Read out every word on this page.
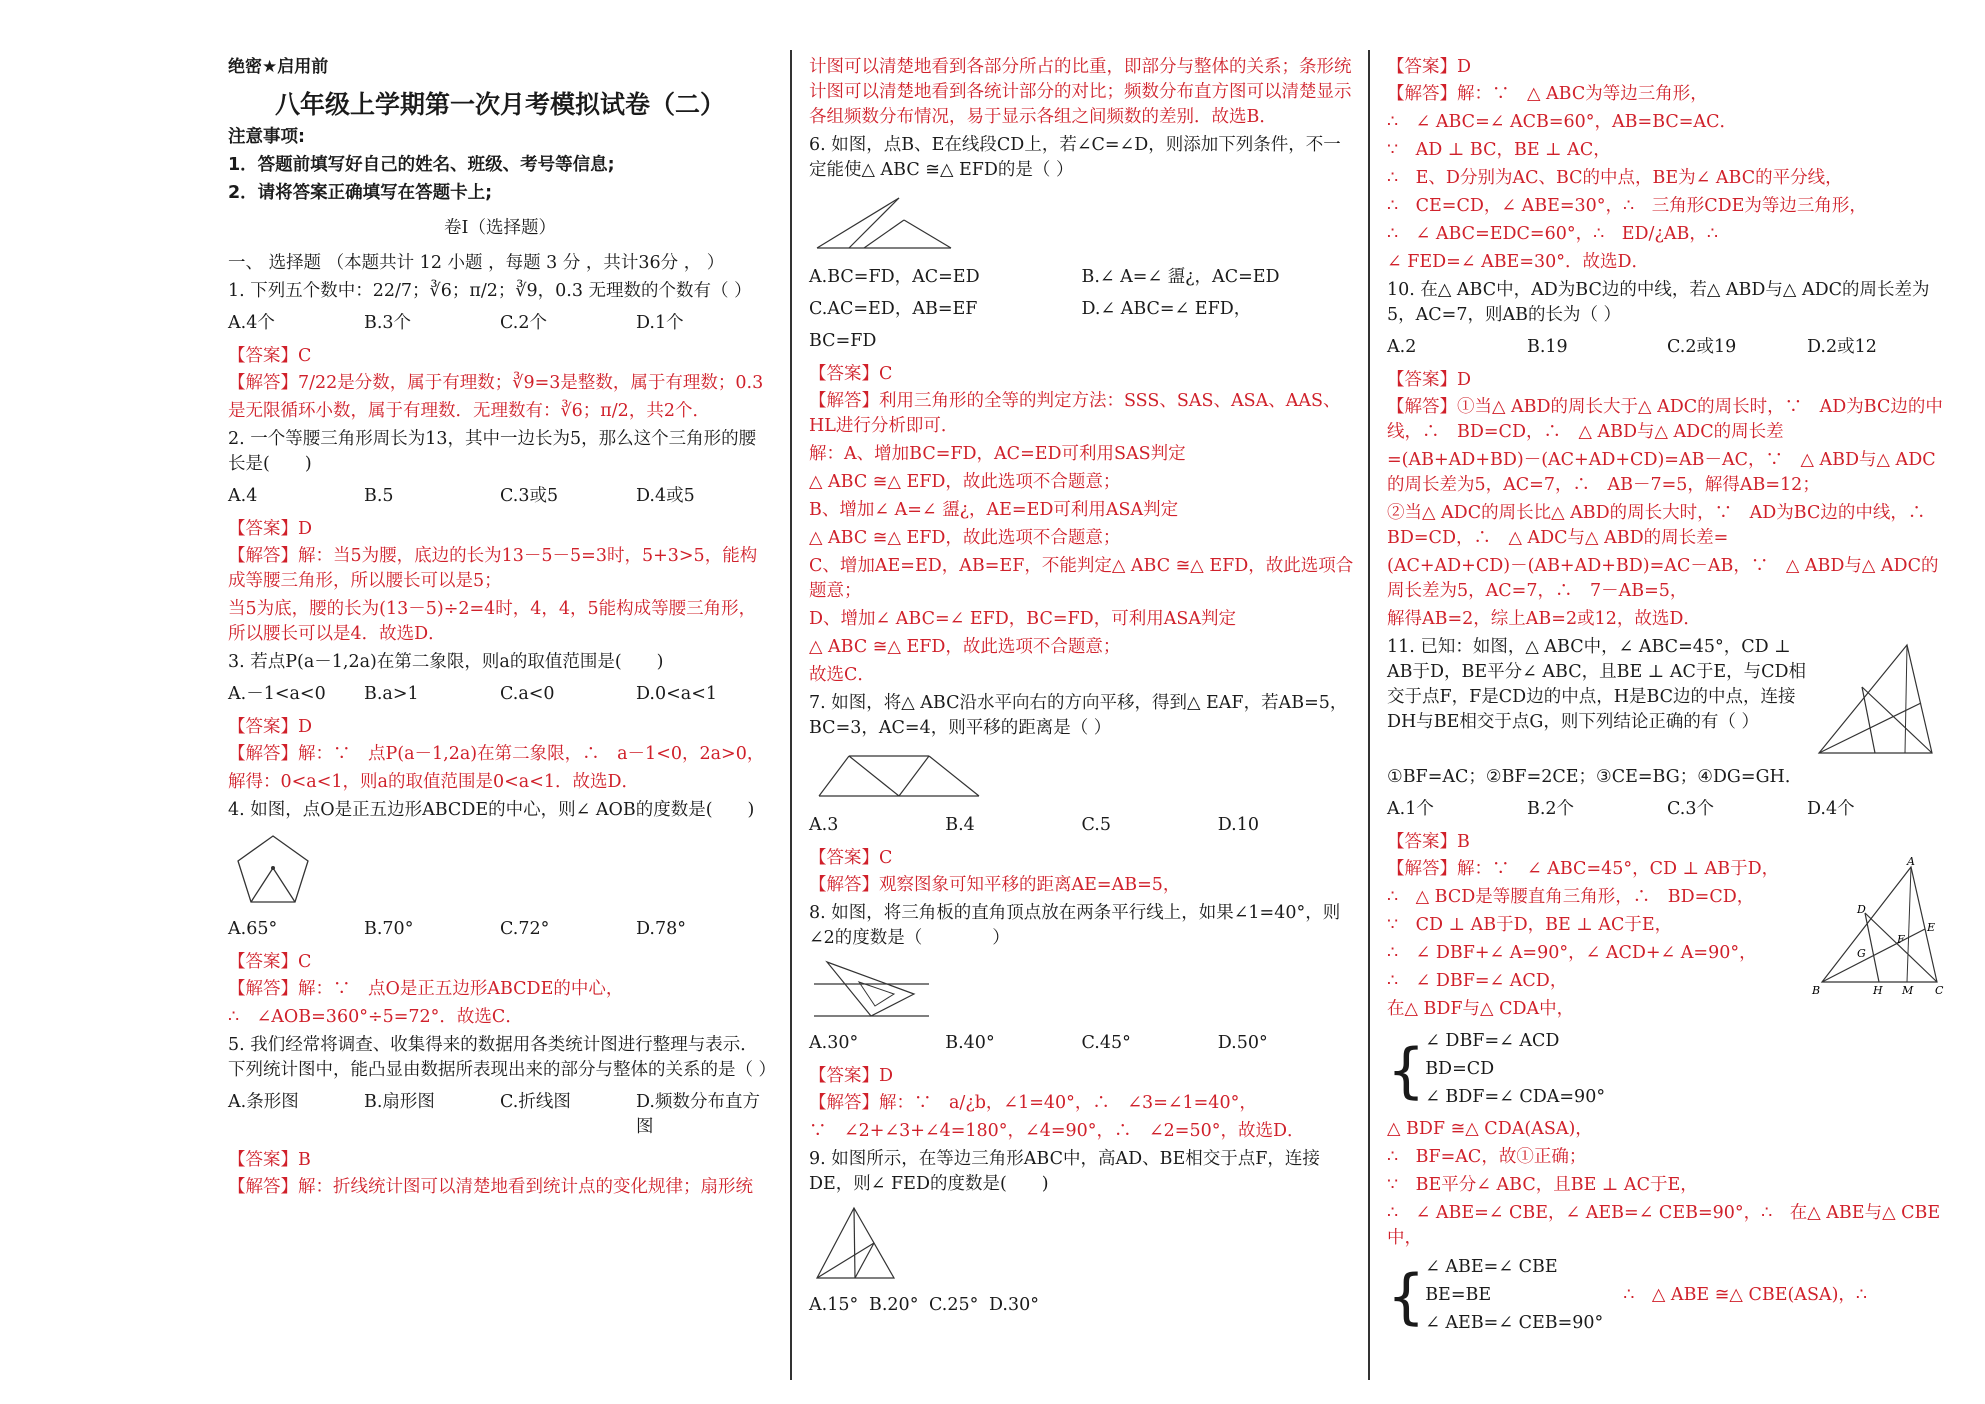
绝密★启用前

八年级上学期第一次月考模拟试卷（二）

注意事项:

1．答题前填写好自己的姓名、班级、考号等信息;

2．请将答案正确填写在答题卡上;

卷I（选择题）

一、 选择题 （本题共计 12 小题 ，每题 3 分 ，共计36分 ， ）

1. 下列五个数中：22/7；∛6；π/2；∛9，0.3 无理数的个数有（ ）

A.4个	B.3个	C.2个	D.1个

【答案】C

【解答】7/22是分数，属于有理数；∛9=3是整数，属于有理数；0.3

是无限循环小数，属于有理数．无理数有：∛6；π/2，共2个．

2. 一个等腰三角形周长为13，其中一边长为5，那么这个三角形的腰长是(　　)

A.4	B.5	C.3或5	D.4或5

【答案】D

【解答】解：当5为腰，底边的长为13－5－5=3时，5+3>5，能构成等腰三角形，所以腰长可以是5；

当5为底，腰的长为(13－5)÷2=4时，4，4，5能构成等腰三角形，所以腰长可以是4．故选D．

3. 若点P(a－1,2a)在第二象限，则a的取值范围是(　　)

A.－1<a<0	B.a>1	C.a<0	D.0<a<1

【答案】D

【解答】解：∵　点P(a－1,2a)在第二象限，∴　a－1<0，2a>0，

解得：0<a<1，则a的取值范围是0<a<1．故选D．

4. 如图，点O是正五边形ABCDE的中心，则∠ AOB的度数是(　　)

A.65°	B.70°	C.72°	D.78°

【答案】C

【解答】解：∵　点O是正五边形ABCDE的中心，

∴　∠AOB=360°÷5=72°．故选C．

5. 我们经常将调查、收集得来的数据用各类统计图进行整理与表示．下列统计图中，能凸显由数据所表现出来的部分与整体的关系的是（ ）

A.条形图	B.扇形图	C.折线图	D.频数分布直方图

【答案】B

【解答】解：折线统计图可以清楚地看到统计点的变化规律；扇形统

计图可以清楚地看到各部分所占的比重，即部分与整体的关系；条形统计图可以清楚地看到各统计部分的对比；频数分布直方图可以清楚显示各组频数分布情况，易于显示各组之间频数的差别．故选B．

6. 如图，点B、E在线段CD上，若∠C=∠D，则添加下列条件，不一定能使△ ABC ≅△ EFD的是（ ）

A.BC=FD，AC=ED	B.∠ A=∠ 盨¿，AC=ED
C.AC=ED，AB=EF	D.∠ ABC=∠ EFD，

BC=FD

【答案】C

【解答】利用三角形的全等的判定方法：SSS、SAS、ASA、AAS、HL进行分析即可．

解：A、增加BC=FD，AC=ED可利用SAS判定

△ ABC ≅△ EFD，故此选项不合题意；

B、增加∠ A=∠ 盨¿，AE=ED可利用ASA判定

△ ABC ≅△ EFD，故此选项不合题意；

C、增加AE=ED，AB=EF，不能判定△ ABC ≅△ EFD，故此选项合题意；

D、增加∠ ABC=∠ EFD，BC=FD，可利用ASA判定

△ ABC ≅△ EFD，故此选项不合题意；

故选C．

7. 如图，将△ ABC沿水平向右的方向平移，得到△ EAF，若AB=5，BC=3，AC=4，则平移的距离是（ ）

A.3	B.4	C.5	D.10

【答案】C

【解答】观察图象可知平移的距离AE=AB=5，

8. 如图，将三角板的直角顶点放在两条平行线上，如果∠1=40°，则∠2的度数是（　　　　）

A.30°	B.40°	C.45°	D.50°

【答案】D

【解答】解：∵　a/¿b，∠1=40°，∴　∠3=∠1=40°，

∵　∠2+∠3+∠4=180°，∠4=90°，∴　∠2=50°，故选D．

9. 如图所示，在等边三角形ABC中，高AD、BE相交于点F，连接DE，则∠ FED的度数是(　　)

A.15° B.20° C.25° D.30°

【答案】D

【解答】解：∵　△ ABC为等边三角形，

∴　∠ ABC=∠ ACB=60°，AB=BC=AC．

∵　AD ⊥ BC，BE ⊥ AC，

∴　E、D分别为AC、BC的中点，BE为∠ ABC的平分线，

∴　CE=CD，∠ ABE=30°，∴　三角形CDE为等边三角形，

∴　∠ ABC=EDC=60°，∴　ED/¿AB，∴

∠ FED=∠ ABE=30°．故选D．

10. 在△ ABC中，AD为BC边的中线，若△ ABD与△ ADC的周长差为5，AC=7，则AB的长为（ ）

A.2	B.19	C.2或19	D.2或12

【答案】D

【解答】①当△ ABD的周长大于△ ADC的周长时，∵　AD为BC边的中线，∴　BD=CD，∴　△ ABD与△ ADC的周长差

=(AB+AD+BD)－(AC+AD+CD)=AB－AC，∵　△ ABD与△ ADC的周长差为5，AC=7，∴　AB－7=5，解得AB=12；

②当△ ADC的周长比△ ABD的周长大时，∵　AD为BC边的中线，∴　BD=CD，∴　△ ADC与△ ABD的周长差=

(AC+AD+CD)－(AB+AD+BD)=AC－AB，∵　△ ABD与△ ADC的周长差为5，AC=7，∴　7－AB=5，

解得AB=2，综上AB=2或12，故选D．

11. 已知：如图，△ ABC中，∠ ABC=45°，CD ⊥ AB于D，BE平分∠ ABC，且BE ⊥ AC于E，与CD相交于点F，F是CD边的中点，H是BC边的中点，连接DH与BE相交于点G，则下列结论正确的有（ ）

①BF=AC；②BF=2CE；③CE=BG；④DG=GH．

A.1个	B.2个	C.3个	D.4个

【答案】B

【解答】解：∵　∠ ABC=45°，CD ⊥ AB于D，

∴　△ BCD是等腰直角三角形，∴　BD=CD，

∵　CD ⊥ AB于D，BE ⊥ AC于E，

∴　∠ DBF+∠ A=90°，∠ ACD+∠ A=90°，

∴　∠ DBF=∠ ACD，

在△ BDF与△ CDA中，

A
D
G
F
E
B	H M C
{ ∠ DBF=∠ ACD

BD=CD

∠ BDF=∠ CDA=90°

△ BDF ≅△ CDA(ASA)，

∴　BF=AC，故①正确；

∵　BE平分∠ ABC，且BE ⊥ AC于E，

∴　∠ ABE=∠ CBE，∠ AEB=∠ CEB=90°，∴　在△ ABE与△ CBE中，

{ ∠ ABE=∠ CBE

BE=BE

∠ AEB=∠ CEB=90°

∴　△ ABE ≅△ CBE(ASA)，∴
